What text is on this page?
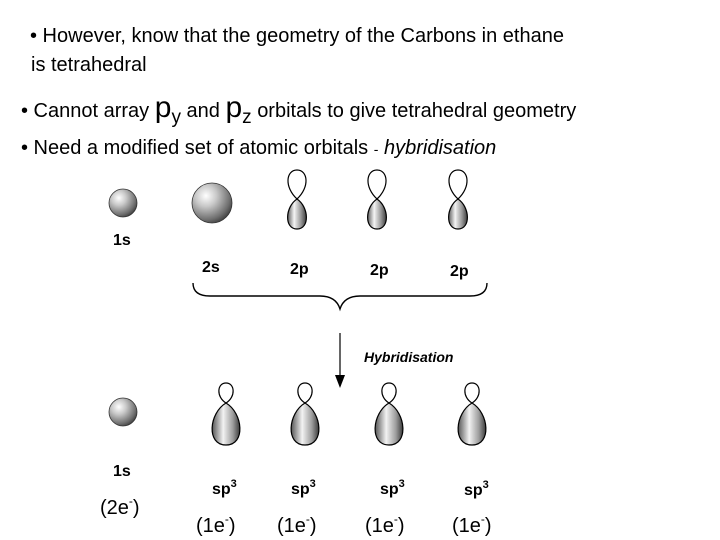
• However, know that the geometry of the Carbons in ethane
is tetrahedral
• Cannot array py and pz orbitals to give tetrahedral geometry
• Need a modified set of atomic orbitals - hybridisation
1s
2s	2p	2p	2p
Hybridisation
1s
$sp^3$	$sp^3$	$sp^3$	$sp^3$
(2e-)
(1e-) (1e-) (1e-) (1e-)
